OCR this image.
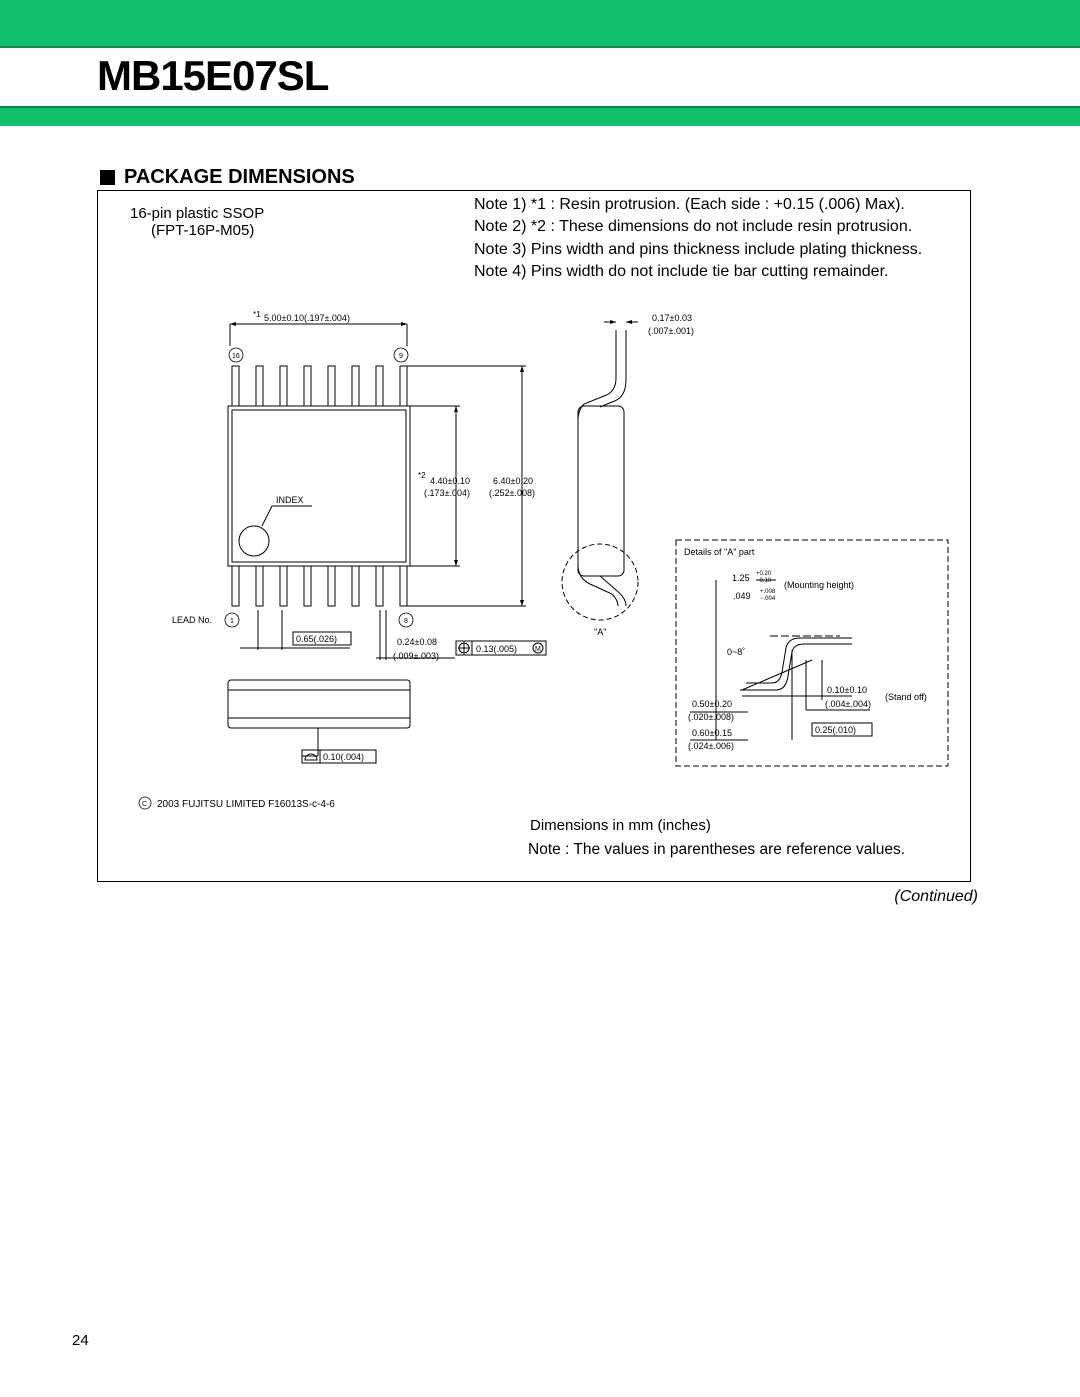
MB15E07SL
PACKAGE DIMENSIONS
16-pin plastic SSOP
(FPT-16P-M05)
Note 1) *1 : Resin protrusion. (Each side : +0.15 (.006) Max).
Note 2) *2 : These dimensions do not include resin protrusion.
Note 3) Pins width and pins thickness include plating thickness.
Note 4) Pins width do not include tie bar cutting remainder.
*1 5.00±0.10(.197±.004)
16	9
INDEX
*2
4.40±0.10
(.173±.004)
6.40±0.20
(.252±.008)
LEAD No.	1	8
0.65(.026)	0.24±0.08
(.009±.003)
0.13(.005)	M
0.10(.004)
0.17±0.03
(.007±.001)
"A"
Details of "A" part
1.25 +0.20
−0.10
.049 +.008
−.004
(Mounting height)
0~8˚
0.10±0.10
(.004±.004)
(Stand off)
0.50±0.20
(.020±.008)
0.60±0.15
(.024±.006)
0.25(.010)
C 2003 FUJITSU LIMITED F16013S-c-4-6
Dimensions in mm (inches)
Note : The values in parentheses are reference values.
(Continued)
24
